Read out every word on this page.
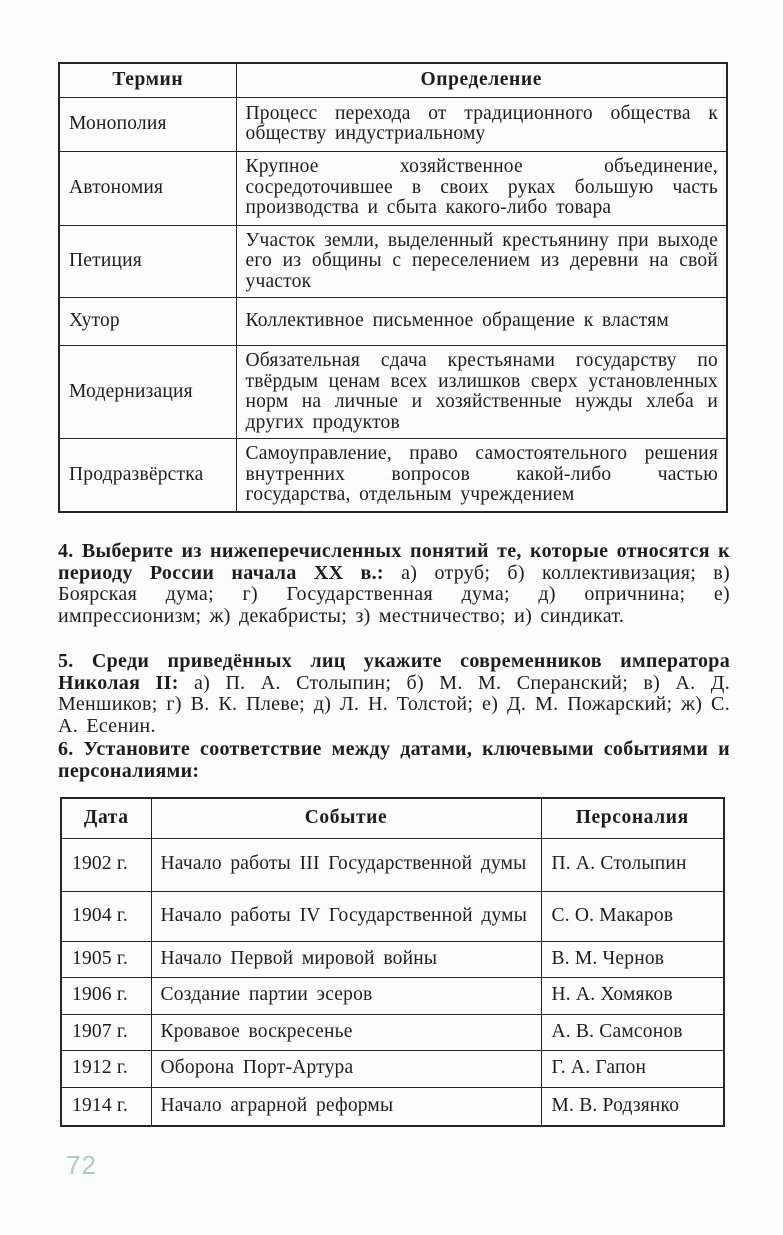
Термин	Определение
Монополия	Процесс перехода от традиционного общества к обществу индустриальному
Автономия	Крупное хозяйственное объединение, сосредоточившее в своих руках большую часть производства и сбыта какого-либо товара
Петиция	Участок земли, выделенный крестьянину при выходе его из общины с переселением из деревни на свой участок
Хутор	Коллективное письменное обращение к властям
Модернизация	Обязательная сдача крестьянами государству по твёрдым ценам всех излишков сверх установленных норм на личные и хозяйственные нужды хлеба и других продуктов
Продразвёрстка	Самоуправление, право самостоятельного решения внутренних вопросов какой-либо частью государства, отдельным учреждением

4. Выберите из нижеперечисленных понятий те, которые относятся к периоду России начала XX в.: а) отруб; б) коллективизация; в) Боярская дума; г) Государственная дума; д) опричнина; е) импрессионизм; ж) декабристы; з) местничество; и) синдикат.

5. Среди приведённых лиц укажите современников императора Николая II: а) П. А. Столыпин; б) М. М. Сперанский; в) А. Д. Меншиков; г) В. К. Плеве; д) Л. Н. Толстой; е) Д. М. Пожарский; ж) С. А. Есенин.

6. Установите соответствие между датами, ключевыми событиями и персоналиями:

Дата	Событие	Персоналия
1902 г.	Начало работы III Государственной думы	П. А. Столыпин
1904 г.	Начало работы IV Государственной думы	С. О. Макаров
1905 г.	Начало Первой мировой войны	В. М. Чернов
1906 г.	Создание партии эсеров	Н. А. Хомяков
1907 г.	Кровавое воскресенье	А. В. Самсонов
1912 г.	Оборона Порт-Артура	Г. А. Гапон
1914 г.	Начало аграрной реформы	М. В. Родзянко
72
